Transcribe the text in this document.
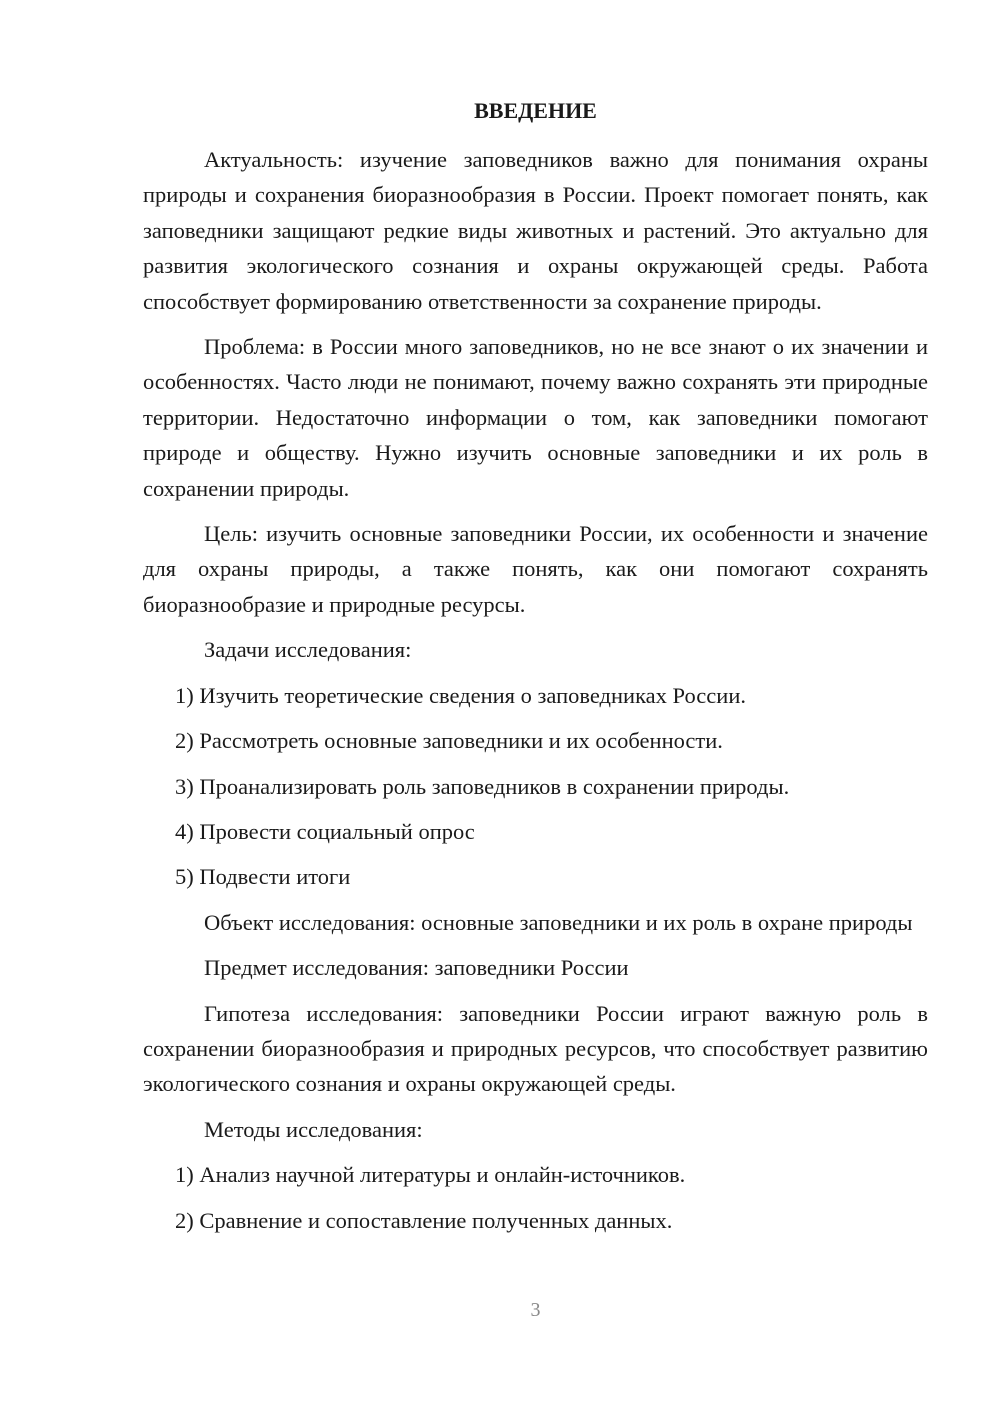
ВВЕДЕНИЕ

Актуальность: изучение заповедников важно для понимания охраны природы и сохранения биоразнообразия в России. Проект помогает понять, как заповедники защищают редкие виды животных и растений. Это актуально для развития экологического сознания и охраны окружающей среды. Работа способствует формированию ответственности за сохранение природы.

Проблема: в России много заповедников, но не все знают о их значении и особенностях. Часто люди не понимают, почему важно сохранять эти природные территории. Недостаточно информации о том, как заповедники помогают природе и обществу. Нужно изучить основные заповедники и их роль в сохранении природы.

Цель: изучить основные заповедники России, их особенности и значение для охраны природы, а также понять, как они помогают сохранять биоразнообразие и природные ресурсы.

Задачи исследования:

1) Изучить теоретические сведения о заповедниках России.

2) Рассмотреть основные заповедники и их особенности.

3) Проанализировать роль заповедников в сохранении природы.

4) Провести социальный опрос

5) Подвести итоги

Объект исследования: основные заповедники и их роль в охране природы

Предмет исследования: заповедники России

Гипотеза исследования: заповедники России играют важную роль в сохранении биоразнообразия и природных ресурсов, что способствует развитию экологического сознания и охраны окружающей среды.

Методы исследования:

1) Анализ научной литературы и онлайн-источников.

2) Сравнение и сопоставление полученных данных.

3
